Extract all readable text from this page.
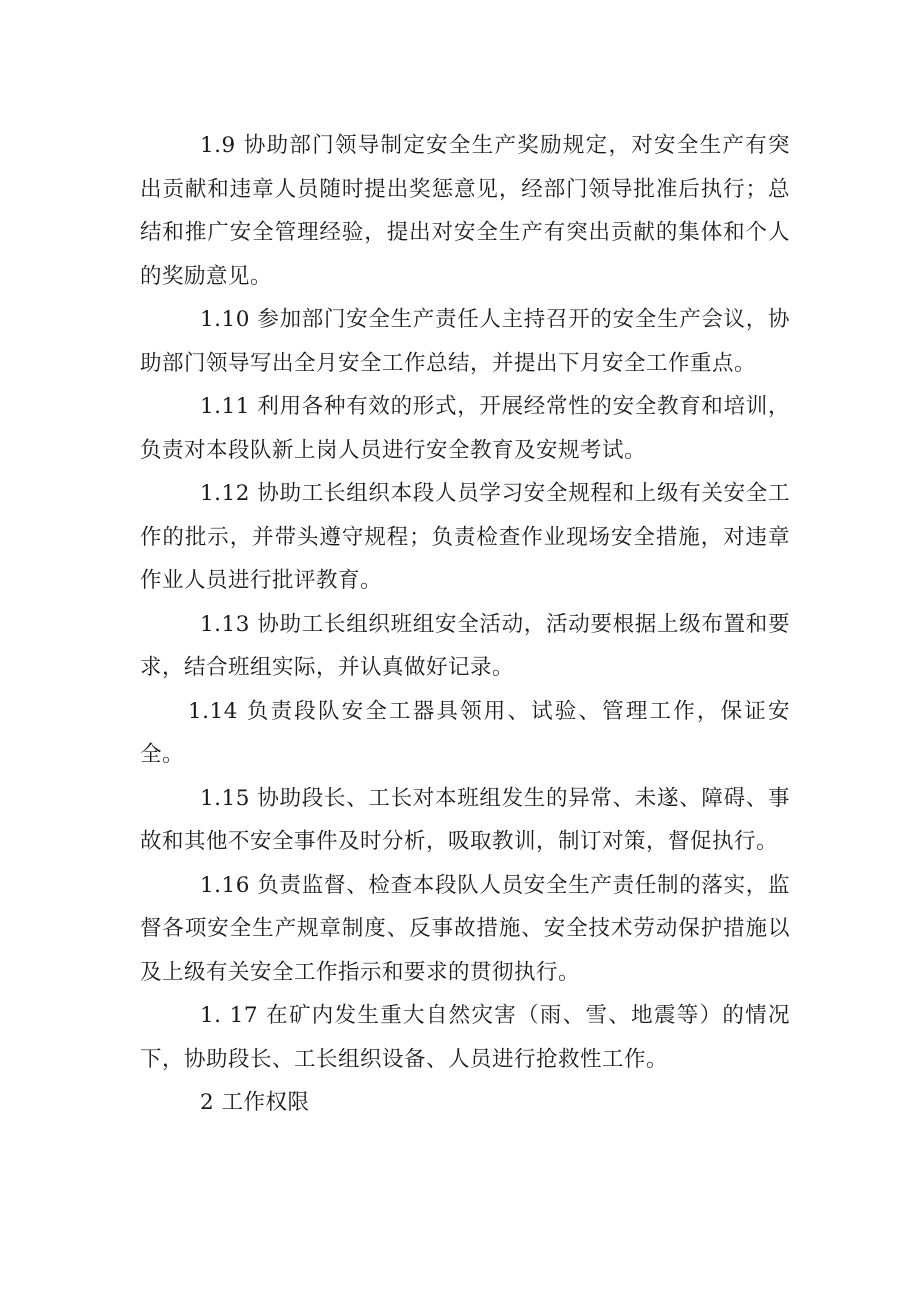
1.9 协助部门领导制定安全生产奖励规定，对安全生产有突出贡献和违章人员随时提出奖惩意见，经部门领导批准后执行；总结和推广安全管理经验，提出对安全生产有突出贡献的集体和个人的奖励意见。

1.10 参加部门安全生产责任人主持召开的安全生产会议，协助部门领导写出全月安全工作总结，并提出下月安全工作重点。

1.11 利用各种有效的形式，开展经常性的安全教育和培训，负责对本段队新上岗人员进行安全教育及安规考试。

1.12 协助工长组织本段人员学习安全规程和上级有关安全工作的批示，并带头遵守规程；负责检查作业现场安全措施，对违章作业人员进行批评教育。

1.13 协助工长组织班组安全活动，活动要根据上级布置和要求，结合班组实际，并认真做好记录。

1.14 负责段队安全工器具领用、试验、管理工作，保证安全。

1.15 协助段长、工长对本班组发生的异常、未遂、障碍、事故和其他不安全事件及时分析，吸取教训，制订对策，督促执行。

1.16 负责监督、检查本段队人员安全生产责任制的落实，监督各项安全生产规章制度、反事故措施、安全技术劳动保护措施以及上级有关安全工作指示和要求的贯彻执行。

1. 17 在矿内发生重大自然灾害（雨、雪、地震等）的情况下，协助段长、工长组织设备、人员进行抢救性工作。

2 工作权限
